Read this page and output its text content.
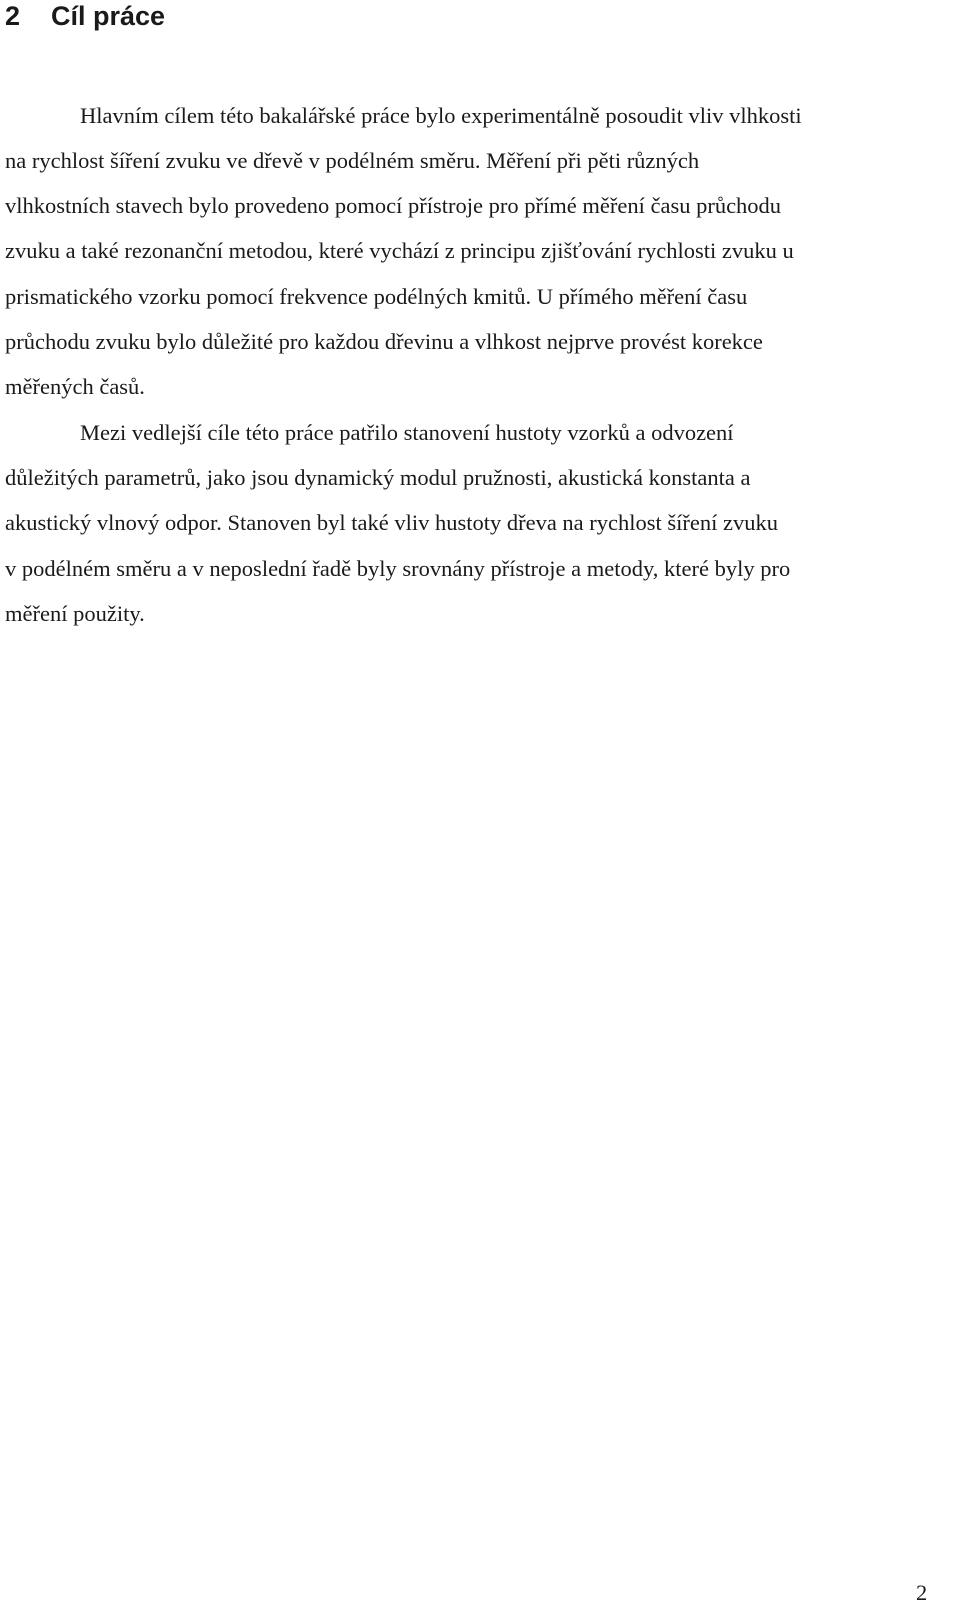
2 Cíl práce

Hlavním cílem této bakalářské práce bylo experimentálně posoudit vliv vlhkosti

na rychlost šíření zvuku ve dřevě v podélném směru. Měření při pěti různých

vlhkostních stavech bylo provedeno pomocí přístroje pro přímé měření času průchodu

zvuku a také rezonanční metodou, které vychází z principu zjišťování rychlosti zvuku u

prismatického vzorku pomocí frekvence podélných kmitů. U přímého měření času

průchodu zvuku bylo důležité pro každou dřevinu a vlhkost nejprve provést korekce

měřených časů.

Mezi vedlejší cíle této práce patřilo stanovení hustoty vzorků a odvození

důležitých parametrů, jako jsou dynamický modul pružnosti, akustická konstanta a

akustický vlnový odpor. Stanoven byl také vliv hustoty dřeva na rychlost šíření zvuku

v podélném směru a v neposlední řadě byly srovnány přístroje a metody, které byly pro

měření použity.

2
